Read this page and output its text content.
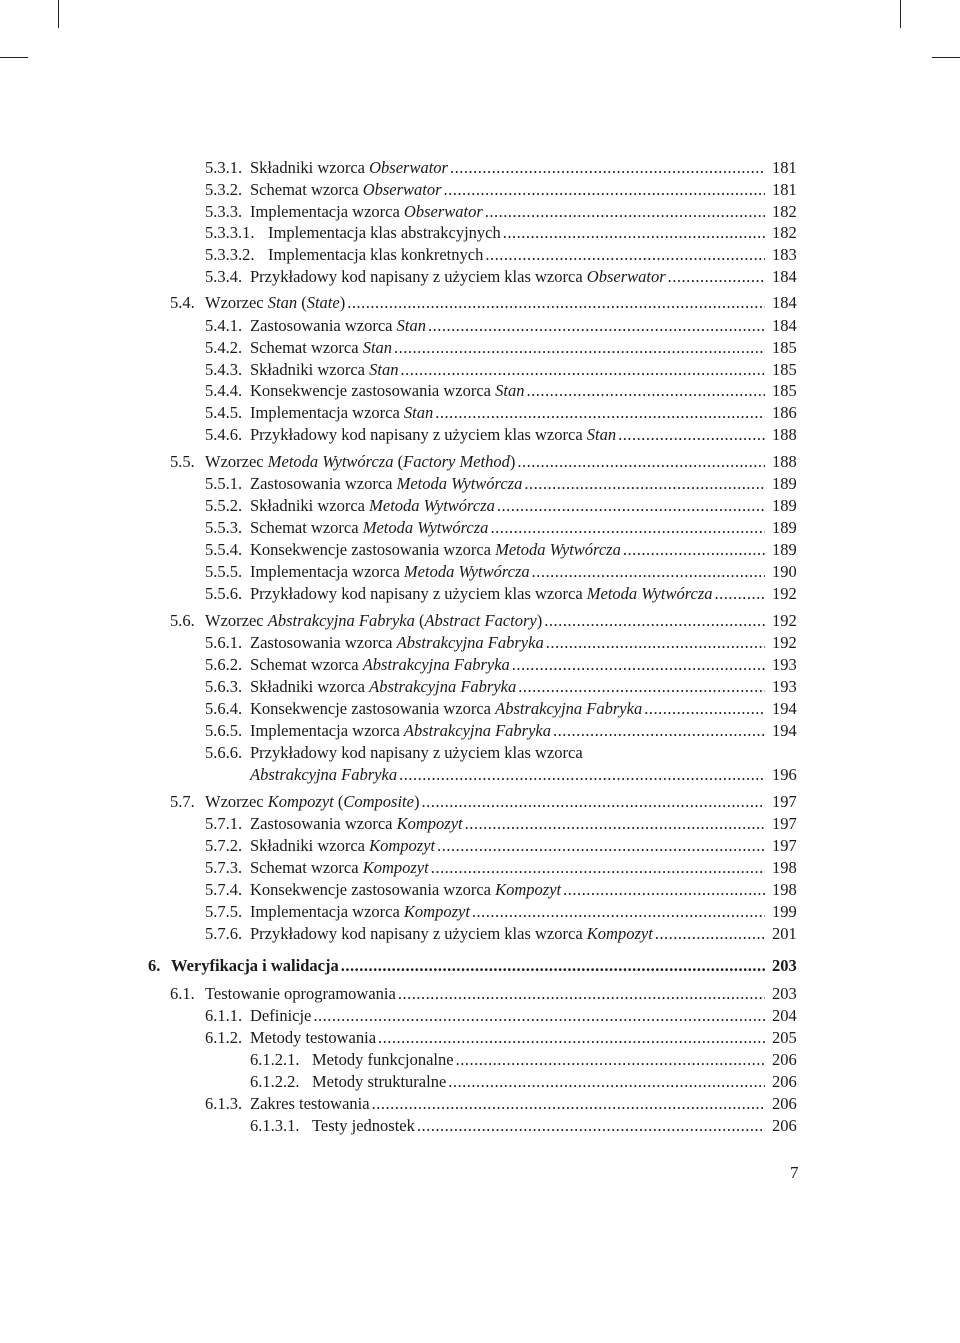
5.3.1. Składniki wzorca Obserwator .....	181
5.3.2. Schemat wzorca Obserwator .....	181
5.3.3. Implementacja wzorca Obserwator .....	182
5.3.3.1. Implementacja klas abstrakcyjnych .....	182
5.3.3.2. Implementacja klas konkretnych .....	183
5.3.4. Przykładowy kod napisany z użyciem klas wzorca Obserwator .....	184
5.4. Wzorzec Stan (State) .....	184
5.4.1. Zastosowania wzorca Stan .....	184
5.4.2. Schemat wzorca Stan .....	185
5.4.3. Składniki wzorca Stan .....	185
5.4.4. Konsekwencje zastosowania wzorca Stan .....	185
5.4.5. Implementacja wzorca Stan .....	186
5.4.6. Przykładowy kod napisany z użyciem klas wzorca Stan .....	188
5.5. Wzorzec Metoda Wytwórcza (Factory Method) .....	188
5.5.1. Zastosowania wzorca Metoda Wytwórcza .....	189
5.5.2. Składniki wzorca Metoda Wytwórcza .....	189
5.5.3. Schemat wzorca Metoda Wytwórcza .....	189
5.5.4. Konsekwencje zastosowania wzorca Metoda Wytwórcza .....	189
5.5.5. Implementacja wzorca Metoda Wytwórcza .....	190
5.5.6. Przykładowy kod napisany z użyciem klas wzorca Metoda Wytwórcza .....	192
5.6. Wzorzec Abstrakcyjna Fabryka (Abstract Factory) .....	192
5.6.1. Zastosowania wzorca Abstrakcyjna Fabryka .....	192
5.6.2. Schemat wzorca Abstrakcyjna Fabryka .....	193
5.6.3. Składniki wzorca Abstrakcyjna Fabryka .....	193
5.6.4. Konsekwencje zastosowania wzorca Abstrakcyjna Fabryka .....	194
5.6.5. Implementacja wzorca Abstrakcyjna Fabryka .....	194
5.6.6. Przykładowy kod napisany z użyciem klas wzorca
Abstrakcyjna Fabryka .....	196
5.7. Wzorzec Kompozyt (Composite) .....	197
5.7.1. Zastosowania wzorca Kompozyt .....	197
5.7.2. Składniki wzorca Kompozyt .....	197
5.7.3. Schemat wzorca Kompozyt .....	198
5.7.4. Konsekwencje zastosowania wzorca Kompozyt .....	198
5.7.5. Implementacja wzorca Kompozyt .....	199
5.7.6. Przykładowy kod napisany z użyciem klas wzorca Kompozyt .....	201
6. Weryfikacja i walidacja .....	203
6.1. Testowanie oprogramowania .....	203
6.1.1. Definicje .....	204
6.1.2. Metody testowania .....	205
6.1.2.1. Metody funkcjonalne .....	206
6.1.2.2. Metody strukturalne .....	206
6.1.3. Zakres testowania .....	206
6.1.3.1. Testy jednostek .....	206
7
